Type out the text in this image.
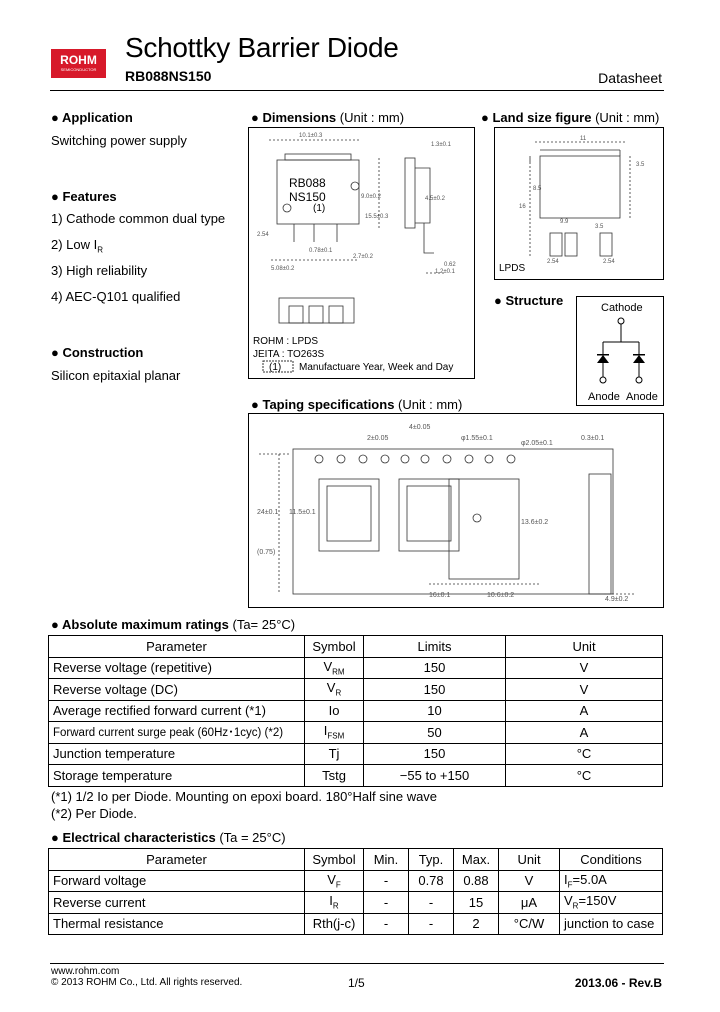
ROHM
SEMICONDUCTOR
Schottky Barrier Diode
RB088NS150	Datasheet
● Application
Switching power supply
● Features
1) Cathode common dual type
2) Low $I_R$
3) High reliability
4) AEC-Q101 qualified
● Construction
Silicon epitaxial planar
● Dimensions (Unit : mm)
RB088
NS150
(1)
10.1±0.3
1.3±0.1
9.0±0.2
15.5±0.3
4.5±0.2
2.54
5.08±0.2
0.78±0.1
0.62
1.2±0.1
2.7±0.2
ROHM : LPDS
JEITA : TO263S
(1) Manufactuare Year, Week and Day
● Land size figure (Unit : mm)
11
8.5
16
9.9
3.5
3.5
2.54	2.54
LPDS
● Structure	Cathode
Anode Anode
● Taping specifications (Unit : mm)
4±0.05
2±0.05	φ1.55±0.1
φ2.05±0.1
0.3±0.1
24±0.1 11.5±0.1
13.6±0.2
(0.75)
16±0.1	10.6±0.2
4.9±0.2
● Absolute maximum ratings (Ta= 25°C)
Parameter	Symbol	Limits	Unit
Reverse voltage (repetitive)	$V_{RM}$	150	V
Reverse voltage (DC)	$V_R$	150	V
Average rectified forward current (*1)	Io	10	A
Forward current surge peak (60Hz･1cyc) (*2)	$I_{FSM}$	50	A
Junction temperature	Tj	150	°C
Storage temperature	Tstg	−55 to +150	°C
(*1) 1/2 Io per Diode. Mounting on epoxi board. 180°Half sine wave
(*2) Per Diode.
● Electrical characteristics (Ta = 25°C)
Parameter	Symbol	Min.	Typ.	Max.	Unit	Conditions
Forward voltage	$V_F$	-	0.78	0.88	V	$I_F=5.0A$
Reverse current	$I_R$	-	-	15	μA	$V_R=150V$
Thermal resistance	Rth(j-c)	-	-	2	°C/W	junction to case
www.rohm.com
© 2013 ROHM Co., Ltd. All rights reserved.	1/5	2013.06 - Rev.B
